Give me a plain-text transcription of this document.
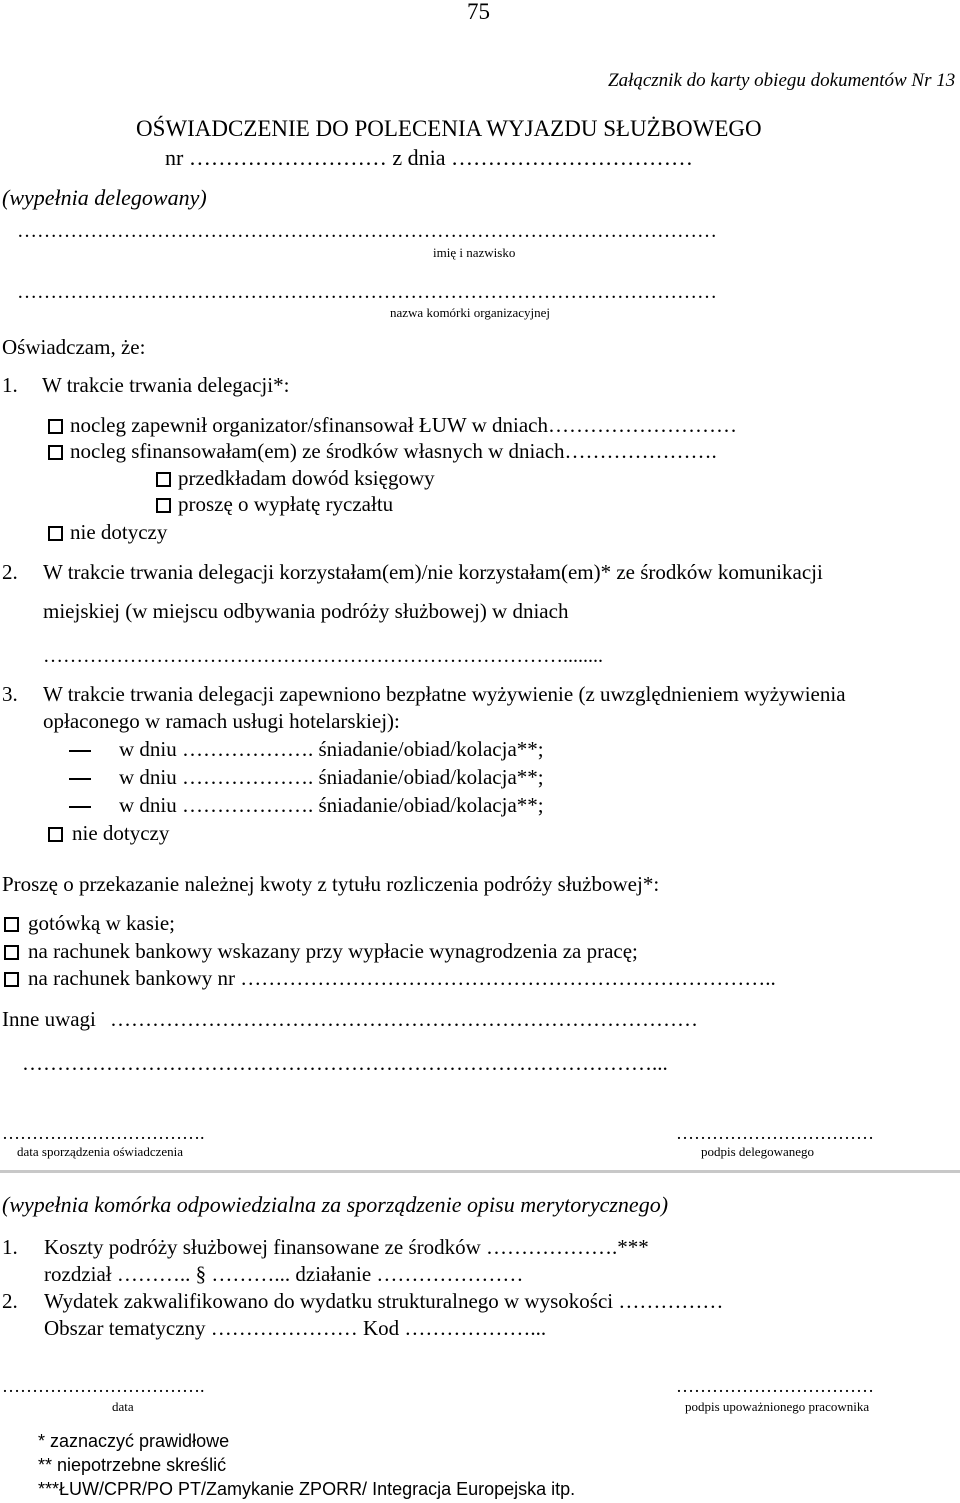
75
Załącznik do karty obiegu dokumentów Nr 13
OŚWIADCZENIE DO POLECENIA WYJAZDU SŁUŻBOWEGO
nr ……………………… z dnia ……………………………
(wypełnia delegowany)
……………………………………………………………………………………………
imię i nazwisko
……………………………………………………………………………………………
nazwa komórki organizacyjnej
Oświadczam, że:
1. W trakcie trwania delegacji*:
nocleg zapewnił organizator/sfinansował ŁUW w dniach………………………
nocleg sfinansowałam(em) ze środków własnych w dniach………………….
przedkładam dowód księgowy
proszę o wypłatę ryczałtu
nie dotyczy
2. W trakcie trwania delegacji korzystałam(em)/nie korzystałam(em)* ze środków komunikacji
miejskiej (w miejscu odbywania podróży służbowej) w dniach
……………………………………………………………………........
3. W trakcie trwania delegacji zapewniono bezpłatne wyżywienie (z uwzględnieniem wyżywienia
opłaconego w ramach usługi hotelarskiej):
w dniu ………………. śniadanie/obiad/kolacja**;
w dniu ………………. śniadanie/obiad/kolacja**;
w dniu ………………. śniadanie/obiad/kolacja**;
nie dotyczy
Proszę o przekazanie należnej kwoty z tytułu rozliczenia podróży służbowej*:
gotówką w kasie;
na rachunek bankowy wskazany przy wypłacie wynagrodzenia za pracę;
na rachunek bankowy nr …………………………………………………………………..
Inne uwagi …………………………………………………………………………
………………………………………………………………………………...
…………………………….
data sporządzenia oświadczenia
……………………………
podpis delegowanego
(wypełnia komórka odpowiedzialna za sporządzenie opisu merytorycznego)
1. Koszty podróży służbowej finansowane ze środków ……………….***
rozdział ……….. § ………... działanie …………………
2. Wydatek zakwalifikowano do wydatku strukturalnego w wysokości ……………
Obszar tematyczny ………………… Kod ………………...
…………………………….
data
……………………………
podpis upoważnionego pracownika
* zaznaczyć prawidłowe
** niepotrzebne skreślić
***ŁUW/CPR/PO PT/Zamykanie ZPORR/ Integracja Europejska itp.
